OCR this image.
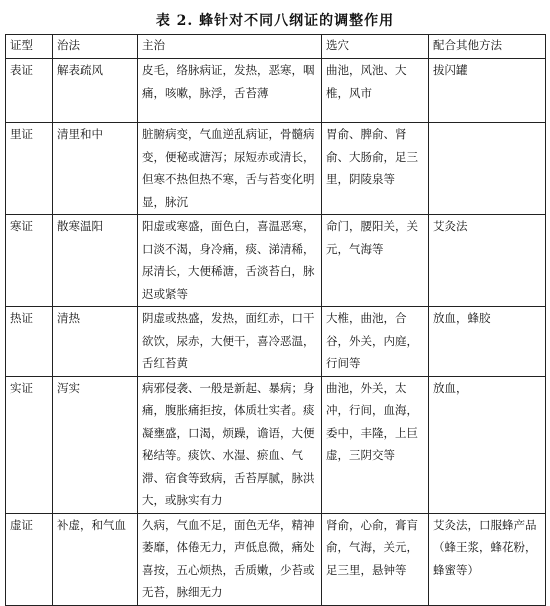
表 2. 蜂针对不同八纲证的调整作用
证型	治法	主治	选穴	配合其他方法
表证	解表疏风	皮毛，络脉病证，发热，恶寒，咽痛，咳嗽，脉浮，舌苔薄	曲池，风池、大椎，风市	拔闪罐
里证	清里和中	脏腑病变，气血逆乱病证，骨髓病变，便秘或溏泻；尿短赤或清长，但寒不热但热不寒，舌与苔变化明显，脉沉	胃俞、脾俞、肾俞、大肠俞，足三里，阴陵泉等	
寒证	散寒温阳	阳虚或寒盛，面色白，喜温恶寒，口淡不渴，身冷痛，痰、涕清稀，尿清长，大便稀溏，舌淡苔白，脉迟或紧等	命门，腰阳关，关元，气海等	艾灸法
热证	清热	阴虚或热盛，发热，面红赤，口干欲饮，尿赤，大便干，喜冷恶温，舌红苔黄	大椎，曲池，合谷，外关，内庭，行间等	放血，蜂胶
实证	泻实	病邪侵袭、一般是新起、暴病；身痛，腹胀痛拒按，体质壮实者。痰凝壅盛，口渴，烦躁，谵语，大便秘结等。痰饮、水湿、瘀血、气滞、宿食等致病，舌苔厚腻，脉洪大，或脉实有力	曲池，外关，太冲，行间，血海，委中，丰隆，上巨虚，三阴交等	放血，
虚证	补虚，和气血	久病，气血不足，面色无华，精神萎靡，体倦无力，声低息微，痛处喜按，五心烦热，舌质嫩，少苔或无苔，脉细无力	肾俞，心俞，膏肓俞，气海，关元，足三里，悬钟等	艾灸法，口服蜂产品（蜂王浆，蜂花粉，蜂蜜等）
